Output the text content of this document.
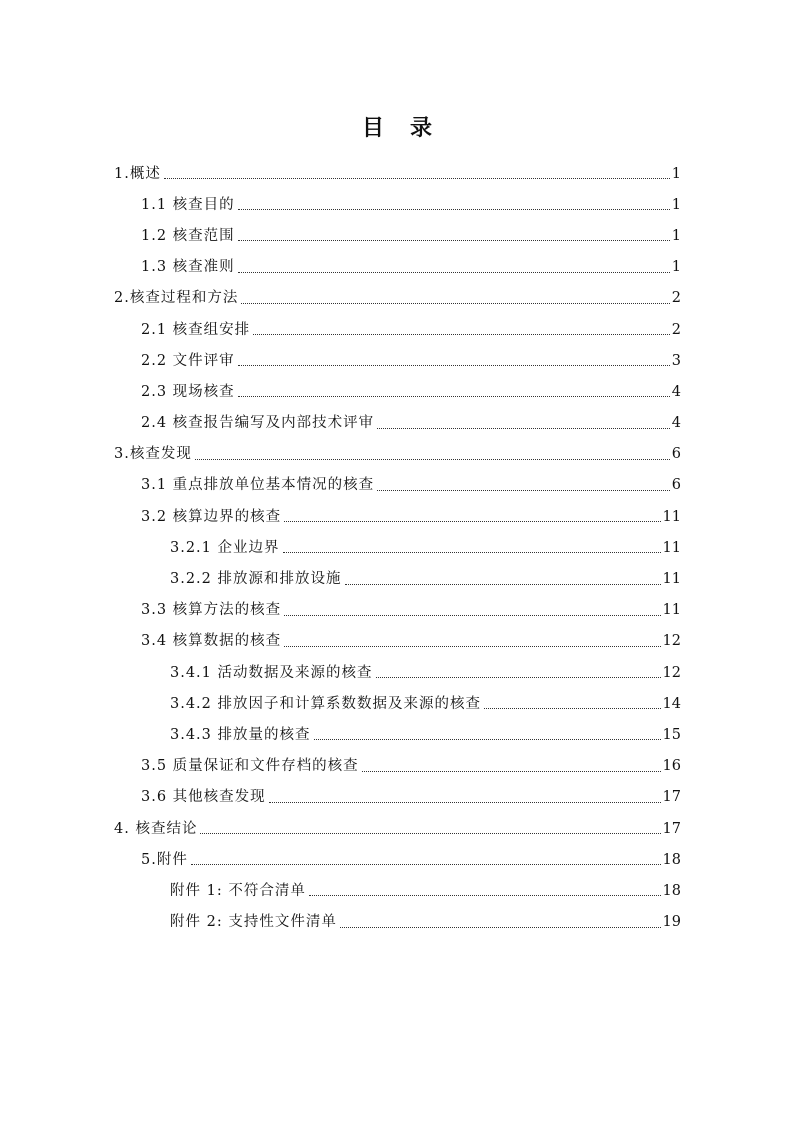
目 录
1.概述	1
1.1 核查目的	1
1.2 核查范围	1
1.3 核查准则	1
2.核查过程和方法	2
2.1 核查组安排	2
2.2 文件评审	3
2.3 现场核查	4
2.4 核查报告编写及内部技术评审	4
3.核查发现	6
3.1 重点排放单位基本情况的核查	6
3.2 核算边界的核查	11
3.2.1 企业边界	11
3.2.2 排放源和排放设施	11
3.3 核算方法的核查	11
3.4 核算数据的核查	12
3.4.1 活动数据及来源的核查	12
3.4.2 排放因子和计算系数数据及来源的核查	14
3.4.3 排放量的核查	15
3.5 质量保证和文件存档的核查	16
3.6 其他核查发现	17
4. 核查结论	17
5.附件	18
附件 1: 不符合清单	18
附件 2: 支持性文件清单	19
